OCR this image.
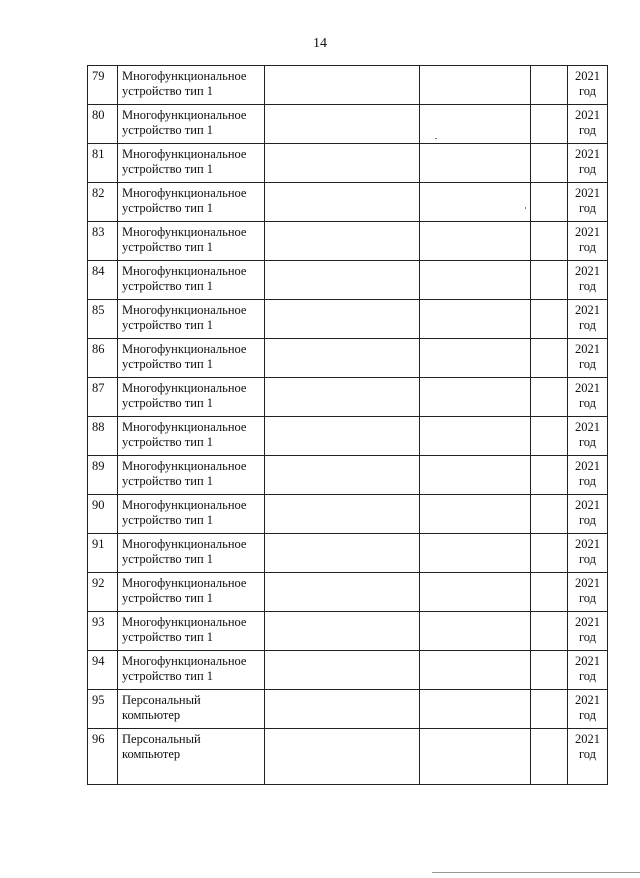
14
79	Многофункциональное
устройство тип 1				2021
год
80	Многофункциональное
устройство тип 1				2021
год
81	Многофункциональное
устройство тип 1				2021
год
82	Многофункциональное
устройство тип 1				2021
год
83	Многофункциональное
устройство тип 1				2021
год
84	Многофункциональное
устройство тип 1				2021
год
85	Многофункциональное
устройство тип 1				2021
год
86	Многофункциональное
устройство тип 1				2021
год
87	Многофункциональное
устройство тип 1				2021
год
88	Многофункциональное
устройство тип 1				2021
год
89	Многофункциональное
устройство тип 1				2021
год
90	Многофункциональное
устройство тип 1				2021
год
91	Многофункциональное
устройство тип 1				2021
год
92	Многофункциональное
устройство тип 1				2021
год
93	Многофункциональное
устройство тип 1				2021
год
94	Многофункциональное
устройство тип 1				2021
год
95	Персональный
компьютер				2021
год
96	Персональный
компьютер				2021
год
